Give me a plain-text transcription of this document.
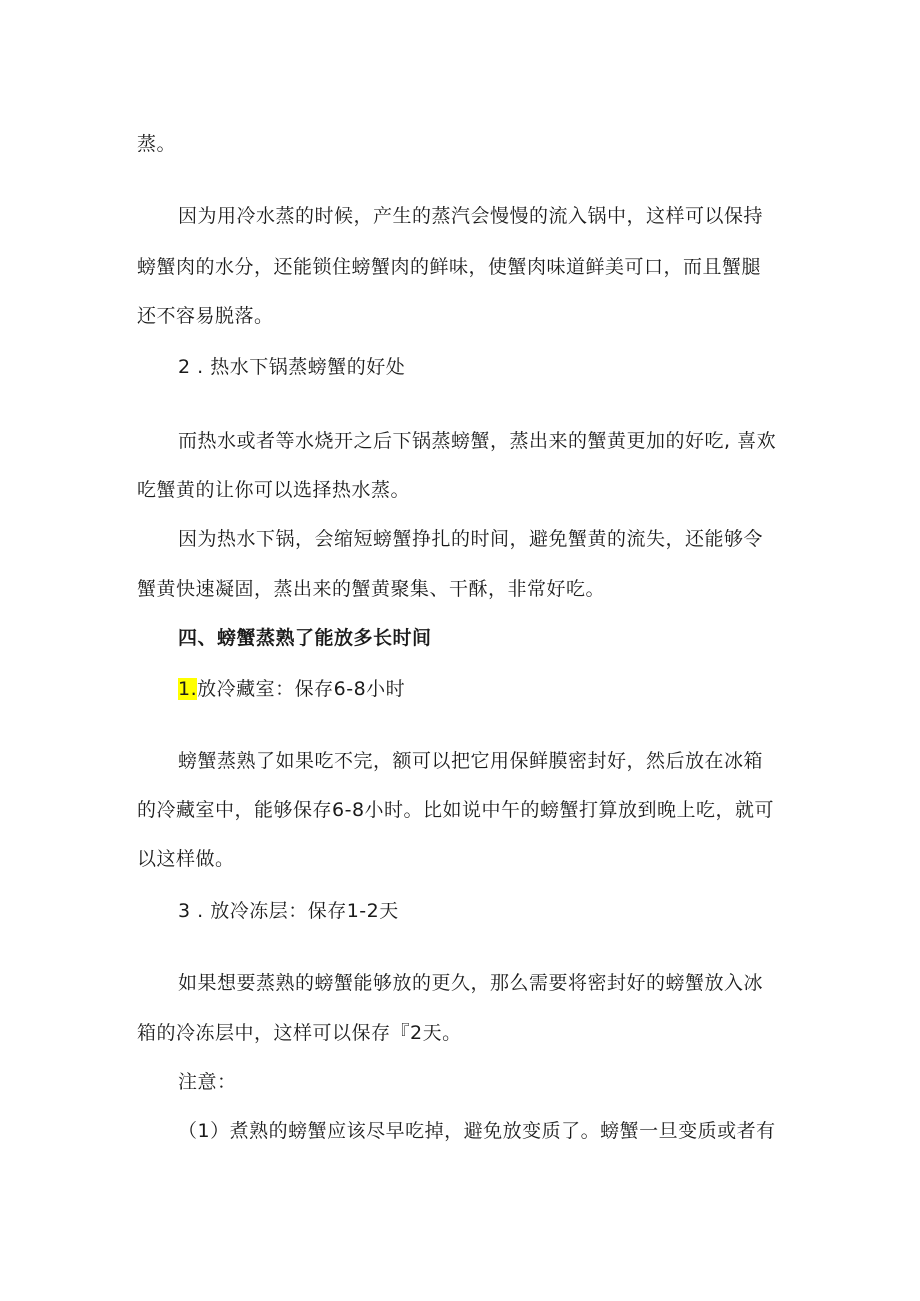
蒸。
因为用冷水蒸的时候，产生的蒸汽会慢慢的流入锅中，这样可以保持
螃蟹肉的水分，还能锁住螃蟹肉的鲜味，使蟹肉味道鲜美可口，而且蟹腿
还不容易脱落。
2 . 热水下锅蒸螃蟹的好处
而热水或者等水烧开之后下锅蒸螃蟹，蒸出来的蟹黄更加的好吃, 喜欢
吃蟹黄的让你可以选择热水蒸。
因为热水下锅，会缩短螃蟹挣扎的时间，避免蟹黄的流失，还能够令
蟹黄快速凝固，蒸出来的蟹黄聚集、干酥，非常好吃。
四、螃蟹蒸熟了能放多长时间
1.放冷藏室：保存6-8小时
螃蟹蒸熟了如果吃不完，额可以把它用保鲜膜密封好，然后放在冰箱
的冷藏室中，能够保存6-8小时。比如说中午的螃蟹打算放到晚上吃，就可
以这样做。
3 . 放冷冻层：保存1-2天
如果想要蒸熟的螃蟹能够放的更久，那么需要将密封好的螃蟹放入冰
箱的冷冻层中，这样可以保存『2天。
注意：
（1）煮熟的螃蟹应该尽早吃掉，避免放变质了。螃蟹一旦变质或者有
